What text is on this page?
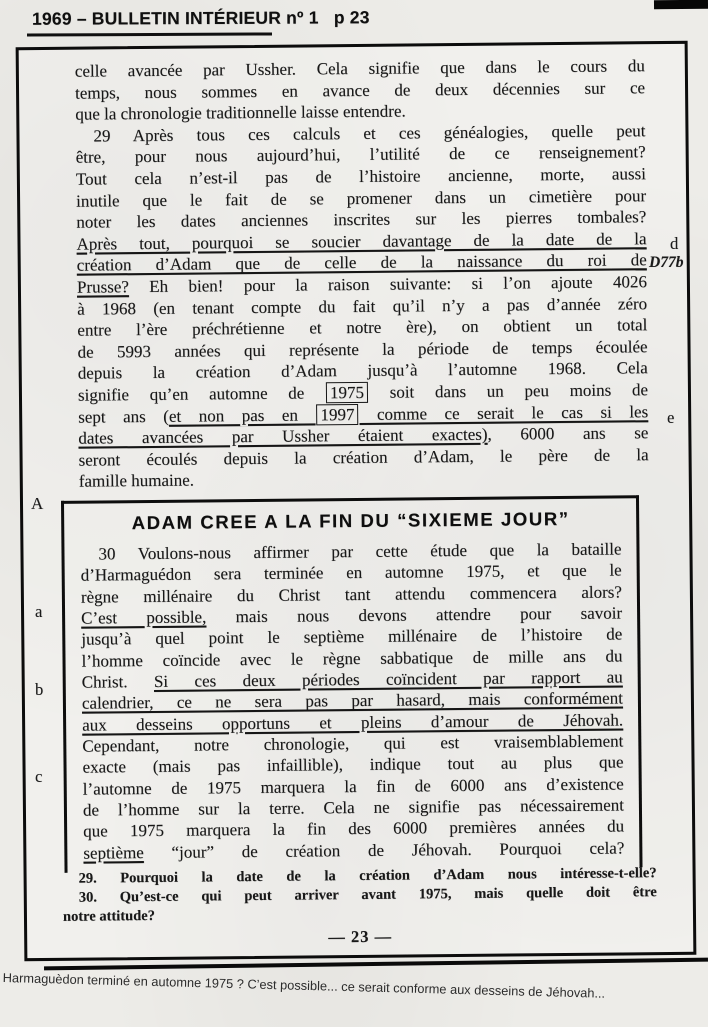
1969 – BULLETIN INTÉRIEUR nº 1   p 23
celle avancée par Ussher. Cela signifie que dans le cours du
temps, nous sommes en avance de deux décennies sur ce
que la chronologie traditionnelle laisse entendre.
29 Après tous ces calculs et ces généalogies, quelle peut
être, pour nous aujourd’hui, l’utilité de ce renseignement?
Tout cela n’est-il pas de l’histoire ancienne, morte, aussi
inutile que le fait de se promener dans un cimetière pour
noter les dates anciennes inscrites sur les pierres tombales?
Après tout, pourquoi se soucier davantage de la date de la
création d’Adam que de celle de la naissance du roi de
Prusse? Eh bien! pour la raison suivante: si l’on ajoute 4026
à 1968 (en tenant compte du fait qu’il n’y a pas d’année zéro
entre l’ère préchrétienne et notre ère), on obtient un total
de 5993 années qui représente la période de temps écoulée
depuis la création d’Adam jusqu’à l’automne 1968. Cela
signifie qu’en automne de 1975 soit dans un peu moins de
sept ans (et non pas en 1997 comme ce serait le cas si les
dates avancées par Ussher étaient exactes), 6000 ans se
seront écoulés depuis la création d’Adam, le père de la
famille humaine.
ADAM CREE A LA FIN DU “SIXIEME JOUR”
30 Voulons-nous affirmer par cette étude que la bataille
d’Harmaguédon sera terminée en automne 1975, et que le
règne millénaire du Christ tant attendu commencera alors?
C’est possible, mais nous devons attendre pour savoir
jusqu’à quel point le septième millénaire de l’histoire de
l’homme coïncide avec le règne sabbatique de mille ans du
Christ. Si ces deux périodes coïncident par rapport au
calendrier, ce ne sera pas par hasard, mais conformément
aux desseins opportuns et pleins d’amour de Jéhovah.
Cependant, notre chronologie, qui est vraisemblablement
exacte (mais pas infaillible), indique tout au plus que
l’automne de 1975 marquera la fin de 6000 ans d’existence
de l’homme sur la terre. Cela ne signifie pas nécessairement
que 1975 marquera la fin des 6000 premières années du
septième “jour” de création de Jéhovah. Pourquoi cela?
29. Pourquoi la date de la création d’Adam nous intéresse-t-elle?
30. Qu’est-ce qui peut arriver avant 1975, mais quelle doit être
notre attitude?
— 23 —
d
D77b
e
A
a
b
c
Harmaguèdon terminé en automne 1975 ? C’est possible... ce serait conforme aux desseins de Jéhovah...
